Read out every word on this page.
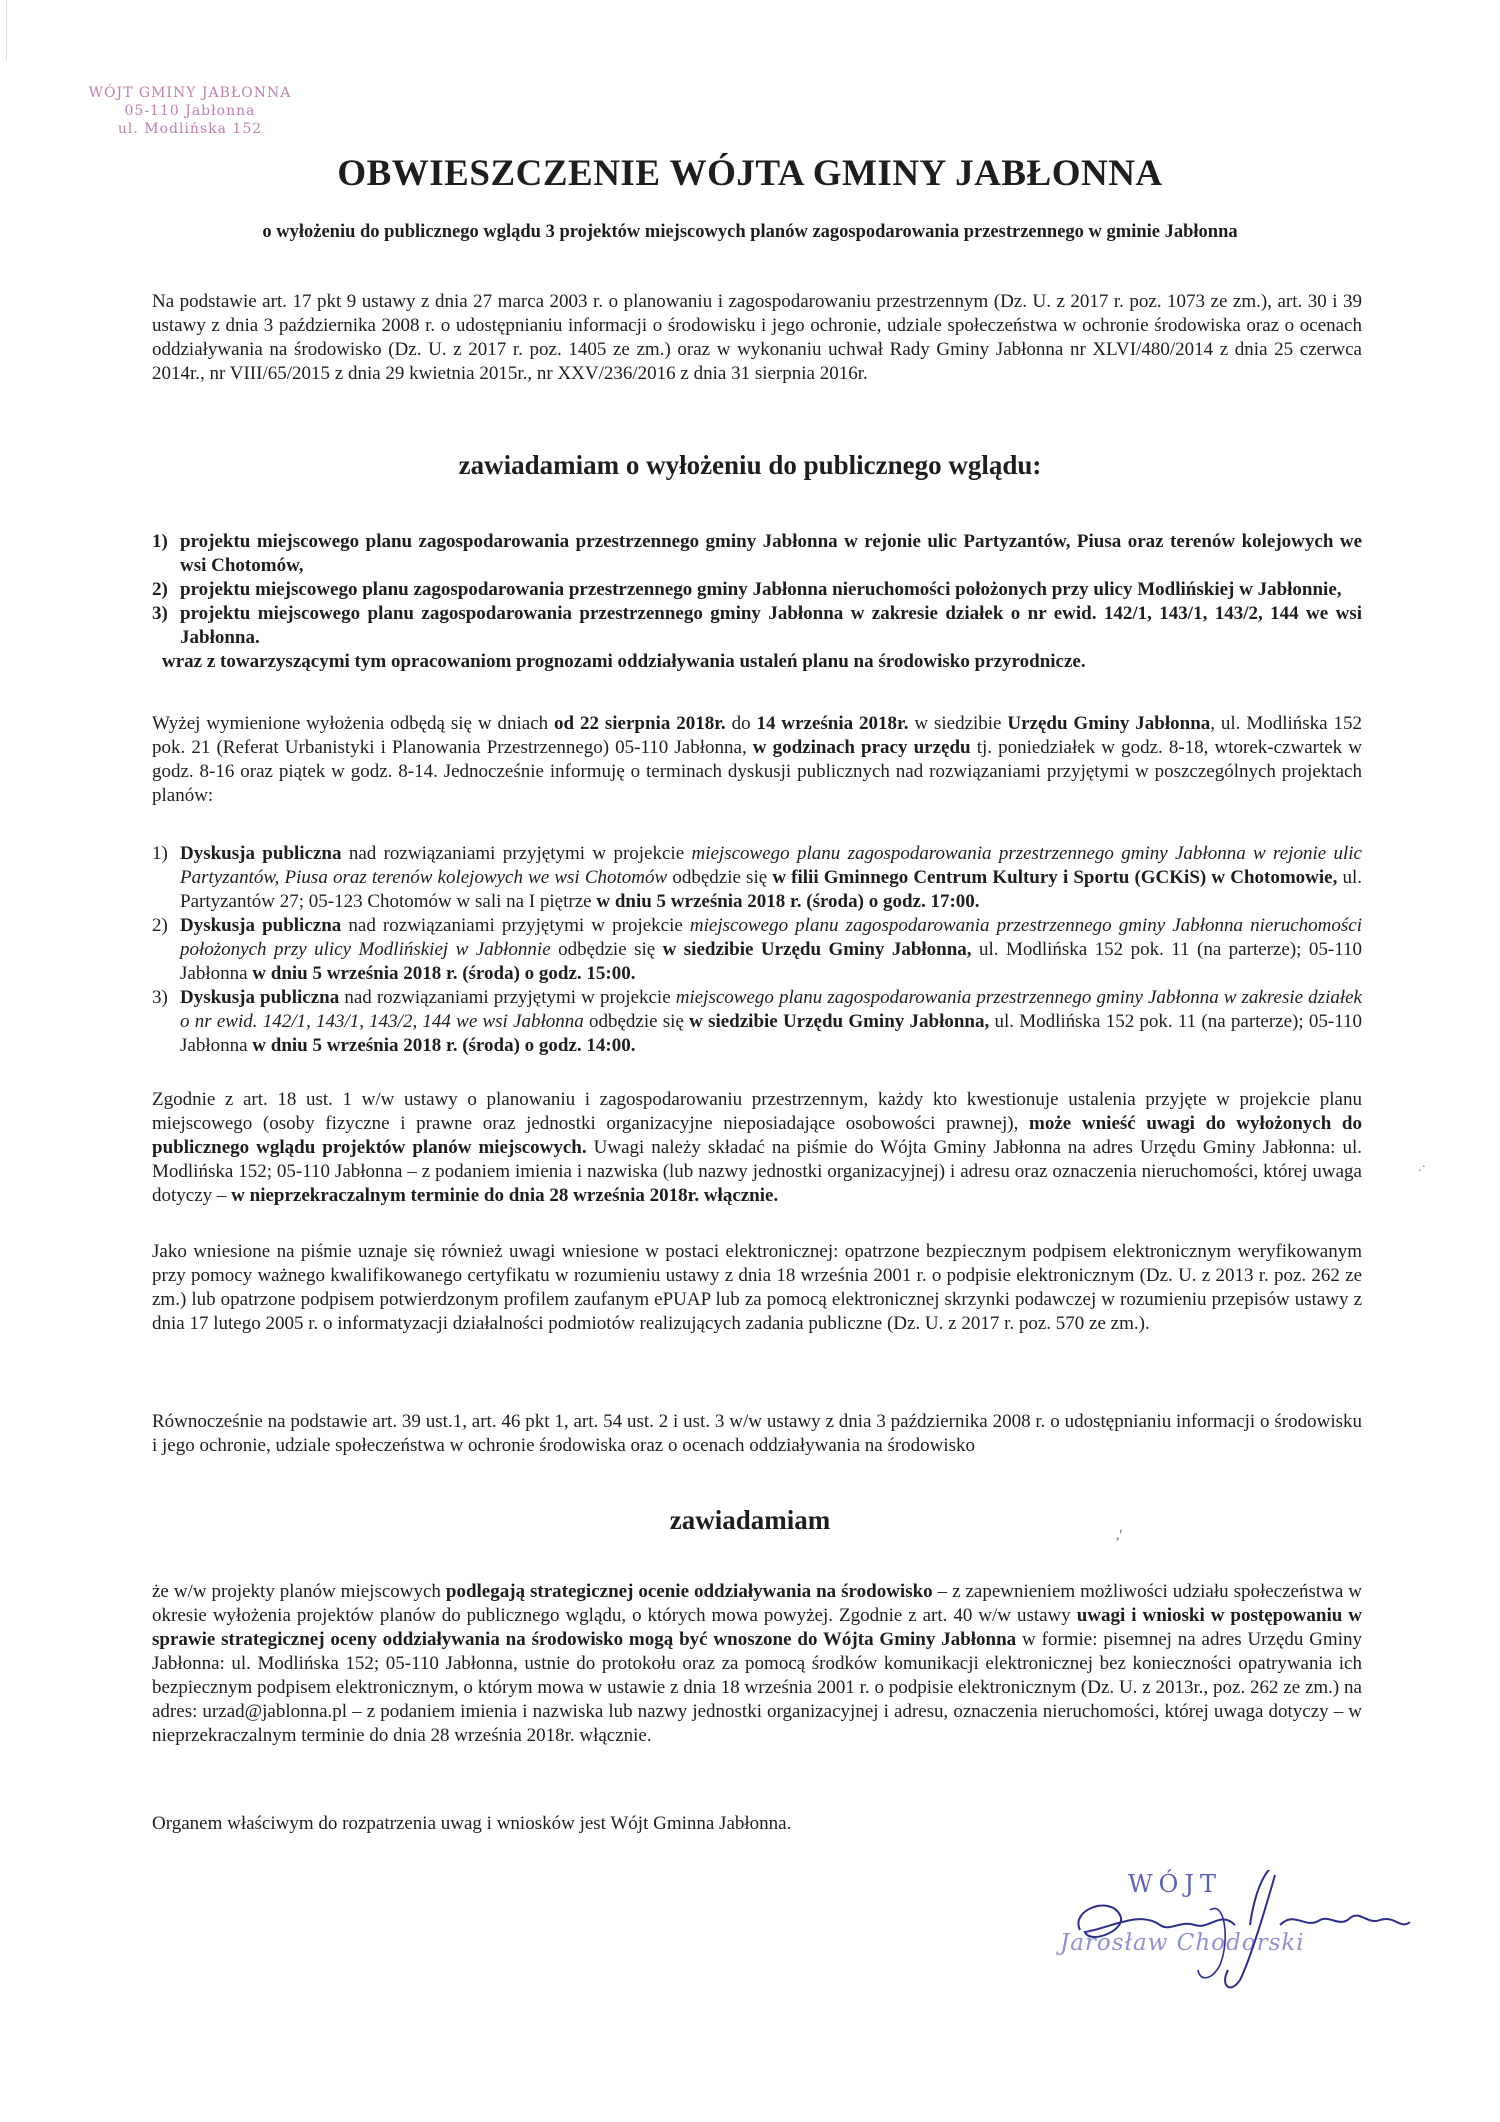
WÓJT GMINY JABŁONNA
05-110 Jabłonna
ul. Modlińska 152
OBWIESZCZENIE WÓJTA GMINY JABŁONNA
o wyłożeniu do publicznego wglądu 3 projektów miejscowych planów zagospodarowania przestrzennego w gminie Jabłonna
Na podstawie art. 17 pkt 9 ustawy z dnia 27 marca 2003 r. o planowaniu i zagospodarowaniu przestrzennym (Dz. U. z 2017 r. poz. 1073 ze zm.), art. 30 i 39 ustawy z dnia 3 października 2008 r. o udostępnianiu informacji o środowisku i jego ochronie, udziale społeczeństwa w ochronie środowiska oraz o ocenach oddziaływania na środowisko (Dz. U. z 2017 r. poz. 1405 ze zm.) oraz w wykonaniu uchwał Rady Gminy Jabłonna nr XLVI/480/2014 z dnia 25 czerwca 2014r., nr VIII/65/2015 z dnia 29 kwietnia 2015r., nr XXV/236/2016 z dnia 31 sierpnia 2016r.
zawiadamiam o wyłożeniu do publicznego wglądu:
1) projektu miejscowego planu zagospodarowania przestrzennego gminy Jabłonna w rejonie ulic Partyzantów, Piusa oraz terenów kolejowych we wsi Chotomów,
2) projektu miejscowego planu zagospodarowania przestrzennego gminy Jabłonna nieruchomości położonych przy ulicy Modlińskiej w Jabłonnie,
3) projektu miejscowego planu zagospodarowania przestrzennego gminy Jabłonna w zakresie działek o nr ewid. 142/1, 143/1, 143/2, 144 we wsi Jabłonna.
wraz z towarzyszącymi tym opracowaniom prognozami oddziaływania ustaleń planu na środowisko przyrodnicze.
Wyżej wymienione wyłożenia odbędą się w dniach od 22 sierpnia 2018r. do 14 września 2018r. w siedzibie Urzędu Gminy Jabłonna, ul. Modlińska 152 pok. 21 (Referat Urbanistyki i Planowania Przestrzennego) 05-110 Jabłonna, w godzinach pracy urzędu tj. poniedziałek w godz. 8-18, wtorek-czwartek w godz. 8-16 oraz piątek w godz. 8-14. Jednocześnie informuję o terminach dyskusji publicznych nad rozwiązaniami przyjętymi w poszczególnych projektach planów:
1) Dyskusja publiczna nad rozwiązaniami przyjętymi w projekcie miejscowego planu zagospodarowania przestrzennego gminy Jabłonna w rejonie ulic Partyzantów, Piusa oraz terenów kolejowych we wsi Chotomów odbędzie się w filii Gminnego Centrum Kultury i Sportu (GCKiS) w Chotomowie, ul. Partyzantów 27; 05-123 Chotomów w sali na I piętrze w dniu 5 września 2018 r. (środa) o godz. 17:00.
2) Dyskusja publiczna nad rozwiązaniami przyjętymi w projekcie miejscowego planu zagospodarowania przestrzennego gminy Jabłonna nieruchomości położonych przy ulicy Modlińskiej w Jabłonnie odbędzie się w siedzibie Urzędu Gminy Jabłonna, ul. Modlińska 152 pok. 11 (na parterze); 05-110 Jabłonna w dniu 5 września 2018 r. (środa) o godz. 15:00.
3) Dyskusja publiczna nad rozwiązaniami przyjętymi w projekcie miejscowego planu zagospodarowania przestrzennego gminy Jabłonna w zakresie działek o nr ewid. 142/1, 143/1, 143/2, 144 we wsi Jabłonna odbędzie się w siedzibie Urzędu Gminy Jabłonna, ul. Modlińska 152 pok. 11 (na parterze); 05-110 Jabłonna w dniu 5 września 2018 r. (środa) o godz. 14:00.
Zgodnie z art. 18 ust. 1 w/w ustawy o planowaniu i zagospodarowaniu przestrzennym, każdy kto kwestionuje ustalenia przyjęte w projekcie planu miejscowego (osoby fizyczne i prawne oraz jednostki organizacyjne nieposiadające osobowości prawnej), może wnieść uwagi do wyłożonych do publicznego wglądu projektów planów miejscowych. Uwagi należy składać na piśmie do Wójta Gminy Jabłonna na adres Urzędu Gminy Jabłonna: ul. Modlińska 152; 05-110 Jabłonna – z podaniem imienia i nazwiska (lub nazwy jednostki organizacyjnej) i adresu oraz oznaczenia nieruchomości, której uwaga dotyczy – w nieprzekraczalnym terminie do dnia 28 września 2018r. włącznie.
.·
Jako wniesione na piśmie uznaje się również uwagi wniesione w postaci elektronicznej: opatrzone bezpiecznym podpisem elektronicznym weryfikowanym przy pomocy ważnego kwalifikowanego certyfikatu w rozumieniu ustawy z dnia 18 września 2001 r. o podpisie elektronicznym (Dz. U. z 2013 r. poz. 262 ze zm.) lub opatrzone podpisem potwierdzonym profilem zaufanym ePUAP lub za pomocą elektronicznej skrzynki podawczej w rozumieniu przepisów ustawy z dnia 17 lutego 2005 r. o informatyzacji działalności podmiotów realizujących zadania publiczne (Dz. U. z 2017 r. poz. 570 ze zm.).
Równocześnie na podstawie art. 39 ust.1, art. 46 pkt 1, art. 54 ust. 2 i ust. 3 w/w ustawy z dnia 3 października 2008 r. o udostępnianiu informacji o środowisku i jego ochronie, udziale społeczeństwa w ochronie środowiska oraz o ocenach oddziaływania na środowisko
zawiadamiam
,′
że w/w projekty planów miejscowych podlegają strategicznej ocenie oddziaływania na środowisko – z zapewnieniem możliwości udziału społeczeństwa w okresie wyłożenia projektów planów do publicznego wglądu, o których mowa powyżej. Zgodnie z art. 40 w/w ustawy uwagi i wnioski w postępowaniu w sprawie strategicznej oceny oddziaływania na środowisko mogą być wnoszone do Wójta Gminy Jabłonna w formie: pisemnej na adres Urzędu Gminy Jabłonna: ul. Modlińska 152; 05-110 Jabłonna, ustnie do protokołu oraz za pomocą środków komunikacji elektronicznej bez konieczności opatrywania ich bezpiecznym podpisem elektronicznym, o którym mowa w ustawie z dnia 18 września 2001 r. o podpisie elektronicznym (Dz. U. z 2013r., poz. 262 ze zm.) na adres: urzad@jablonna.pl – z podaniem imienia i nazwiska lub nazwy jednostki organizacyjnej i adresu, oznaczenia nieruchomości, której uwaga dotyczy – w nieprzekraczalnym terminie do dnia 28 września 2018r. włącznie.
Organem właściwym do rozpatrzenia uwag i wniosków jest Wójt Gminna Jabłonna.
WÓJT
Jarosław Chodorski
